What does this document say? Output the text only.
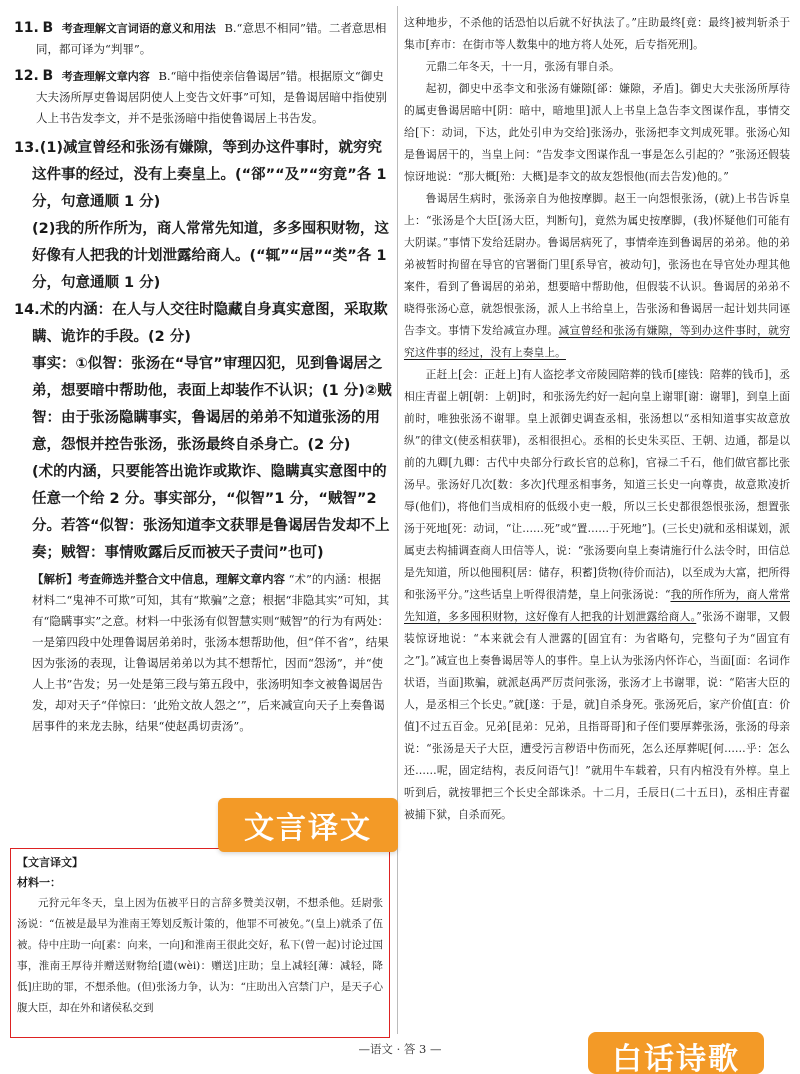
11. B 考查理解文言词语的意义和用法 B.“意思不相同”错。二者意思相同，都可译为“判罪”。

12. B 考查理解文章内容 B.“暗中指使亲信鲁谒居”错。根据原文“御史大夫汤所厚吏鲁谒居阴使人上变告文奸事”可知，是鲁谒居暗中指使别人上书告发李文，并不是张汤暗中指使鲁谒居上书告发。

13.(1)减宣曾经和张汤有嫌隙，等到办这件事时，就穷究这件事的经过，没有上奏皇上。(“郤”“及”“穷竟”各 1 分，句意通顺 1 分)

(2)我的所作所为，商人常常先知道，多多囤积财物，这好像有人把我的计划泄露给商人。(“辄”“居”“类”各 1 分，句意通顺 1 分)

14.术的内涵：在人与人交往时隐藏自身真实意图，采取欺瞒、诡诈的手段。(2 分)

事实：①似智：张汤在“导官”审理囚犯，见到鲁谒居之弟，想要暗中帮助他，表面上却装作不认识；(1 分)②贼智：由于张汤隐瞒事实，鲁谒居的弟弟不知道张汤的用意，怨恨并控告张汤，张汤最终自杀身亡。(2 分)

(术的内涵，只要能答出诡诈或欺诈、隐瞒真实意图中的任意一个给 2 分。事实部分，“似智”1 分，“贼智”2 分。若答“似智：张汤知道李文获罪是鲁谒居告发却不上奏；贼智：事情败露后反而被天子责问”也可)

【解析】考查筛选并整合文中信息，理解文章内容 “术”的内涵：根据材料二“鬼神不可欺”可知，其有“欺骗”之意；根据“非隐其实”可知，其有“隐瞒事实”之意。材料一中张汤有似智慧实则“贼智”的行为有两处：一是第四段中处理鲁谒居弟弟时，张汤本想帮助他，但“佯不省”，结果因为张汤的表现，让鲁谒居弟弟以为其不想帮忙，因而“怨汤”，并“使人上书”告发；另一处是第三段与第五段中，张汤明知李文被鲁谒居告发，却对天子“佯惊曰：‘此殆文故人怨之’”，后来减宣向天子上奏鲁谒居事件的来龙去脉，结果“使赵禹切责汤”。

【文言译文】
材料一：

元狩元年冬天，皇上因为伍被平日的言辞多赞美汉朝，不想杀他。廷尉张汤说：“伍被是最早为淮南王筹划反叛计策的，他罪不可被免。”(皇上)就杀了伍被。侍中庄助一向[素：向来，一向]和淮南王很此交好，私下(曾一起)讨论过国事，淮南王厚待并赠送财物给[遗(wèi)：赠送]庄助；皇上减轻[薄：减轻，降低]庄助的罪，不想杀他。(但)张汤力争，认为：“庄助出入宫禁门户，是天子心腹大臣，却在外和诸侯私交到

文言译文

这种地步，不杀他的话恐怕以后就不好执法了。”庄助最终[竟：最终]被判斩杀于集市[弃市：在街市等人数集中的地方将人处死，后专指死刑]。

元鼎二年冬天，十一月，张汤有罪自杀。

起初，御史中丞李文和张汤有嫌隙[郤：嫌隙，矛盾]。御史大夫张汤所厚待的属吏鲁谒居暗中[阴：暗中，暗地里]派人上书皇上急告李文图谋作乱，事情交给[下：动词，下达，此处引申为交给]张汤办，张汤把李文判成死罪。张汤心知是鲁谒居干的，当皇上问：“告发李文图谋作乱一事是怎么引起的？”张汤还假装惊讶地说：“那大概[殆：大概]是李文的故友怨恨他(而去告发)他的。”

鲁谒居生病时，张汤亲自为他按摩脚。赵王一向怨恨张汤，(就)上书告诉皇上：“张汤是个大臣[汤大臣，判断句]，竟然为属史按摩脚，(我)怀疑他们可能有大阴谋。”事情下发给廷尉办。鲁谒居病死了，事情牵连到鲁谒居的弟弟。他的弟弟被暂时拘留在导官的官署衙门里[系导官，被动句]，张汤也在导官处办理其他案件，看到了鲁谒居的弟弟，想要暗中帮助他，但假装不认识。鲁谒居的弟弟不晓得张汤心意，就怨恨张汤，派人上书给皇上，告张汤和鲁谒居一起计划共同诬告李文。事情下发给减宣办理。减宣曾经和张汤有嫌隙，等到办这件事时，就穷究这件事的经过，没有上奏皇上。

正赶上[会：正赶上]有人盗挖孝文帝陵园陪葬的钱币[瘗钱：陪葬的钱币]，丞相庄青翟上朝[朝：上朝]时，和张汤先约好一起向皇上谢罪[谢：谢罪]，到皇上面前时，唯独张汤不谢罪。皇上派御史调查丞相，张汤想以“丞相知道事实故意放纵”的律文(使丞相获罪)，丞相很担心。丞相的长史朱买臣、王朝、边通，都是以前的九卿[九卿：古代中央部分行政长官的总称]，官禄二千石，他们做官都比张汤早。张汤好几次[数：多次]代理丞相事务，知道三长史一向尊贵，故意欺凌折辱(他们)，将他们当成相府的低级小吏一般，所以三长史都很怨恨张汤，想置张汤于死地[死：动词，“让……死”或“置……于死地”]。(三长史)就和丞相谋划，派属吏去构捕调查商人田信等人，说：“张汤要向皇上奏请施行什么法令时，田信总是先知道，所以他囤积[居：储存，积蓄]货物(待价而沽)，以至成为大富，把所得和张汤平分。”这些话皇上听得很清楚，皇上问张汤说：“我的所作所为，商人常常先知道，多多囤积财物，这好像有人把我的计划泄露给商人。”张汤不谢罪，又假装惊讶地说：“本来就会有人泄露的[固宜有：为省略句，完整句子为“固宜有之”]。”减宣也上奏鲁谒居等人的事件。皇上认为张汤内怀诈心，当面[面：名词作状语，当面]欺骗，就派赵禹严厉责问张汤，张汤才上书谢罪，说：“陷害大臣的人，是丞相三个长史。”就[遂：于是，就]自杀身死。张汤死后，家产价值[直：价值]不过五百金。兄弟[昆弟：兄弟，且指哥哥]和子侄们要厚葬张汤，张汤的母亲说：“张汤是天子大臣，遭受污言秽语中伤而死，怎么还厚葬呢[何……乎：怎么还……呢，固定结构，表反问语气]！”就用牛车载着，只有内棺没有外椁。皇上听到后，就按罪把三个长史全部诛杀。十二月，壬辰日(二十五日)，丞相庄青翟被捕下狱，自杀而死。

—语文 · 答 3 —	白话诗歌
